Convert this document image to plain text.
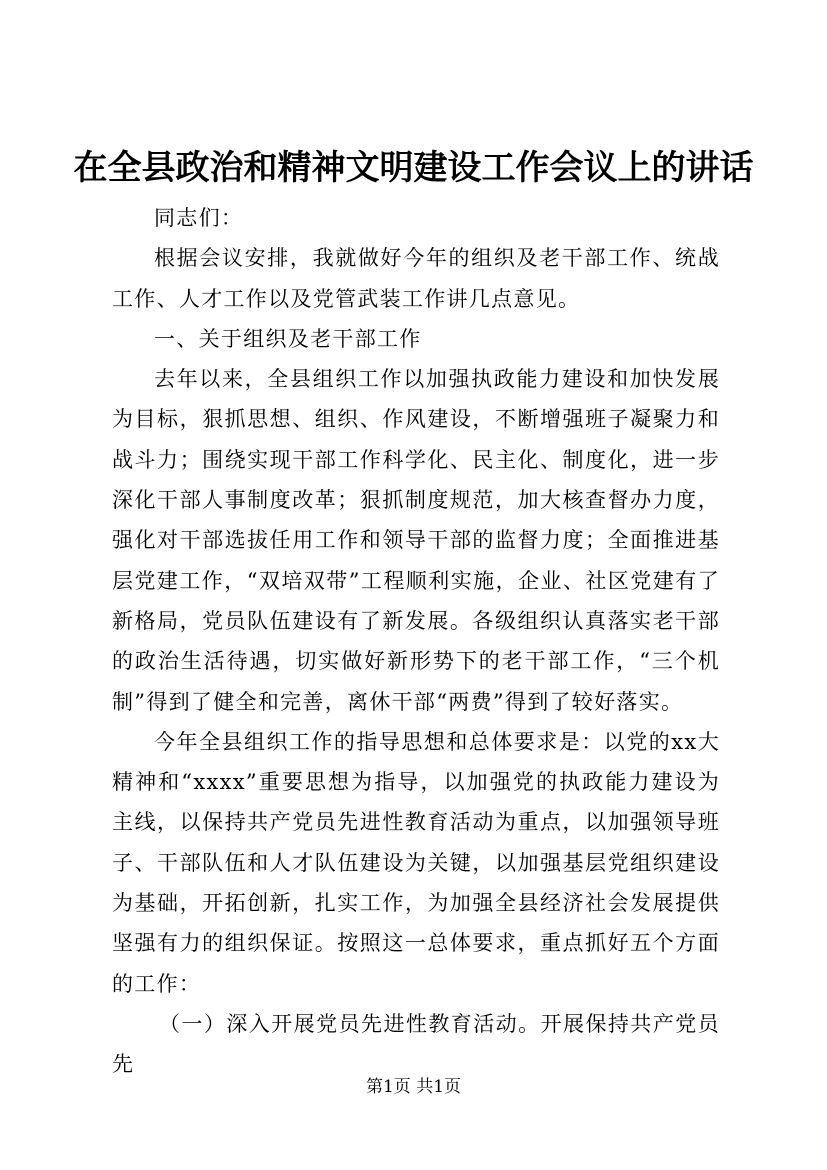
在全县政治和精神文明建设工作会议上的讲话

同志们：

根据会议安排，我就做好今年的组织及老干部工作、统战工作、人才工作以及党管武装工作讲几点意见。

一、关于组织及老干部工作

去年以来，全县组织工作以加强执政能力建设和加快发展为目标，狠抓思想、组织、作风建设，不断增强班子凝聚力和战斗力；围绕实现干部工作科学化、民主化、制度化，进一步深化干部人事制度改革；狠抓制度规范，加大核查督办力度，强化对干部选拔任用工作和领导干部的监督力度；全面推进基层党建工作，“双培双带”工程顺利实施，企业、社区党建有了新格局，党员队伍建设有了新发展。各级组织认真落实老干部的政治生活待遇，切实做好新形势下的老干部工作，“三个机制”得到了健全和完善，离休干部“两费”得到了较好落实。

今年全县组织工作的指导思想和总体要求是：以党的xx大精神和“xxxx”重要思想为指导，以加强党的执政能力建设为主线，以保持共产党员先进性教育活动为重点，以加强领导班子、干部队伍和人才队伍建设为关键，以加强基层党组织建设为基础，开拓创新，扎实工作，为加强全县经济社会发展提供坚强有力的组织保证。按照这一总体要求，重点抓好五个方面的工作：

（一）深入开展党员先进性教育活动。开展保持共产党员先

第1页 共1页
